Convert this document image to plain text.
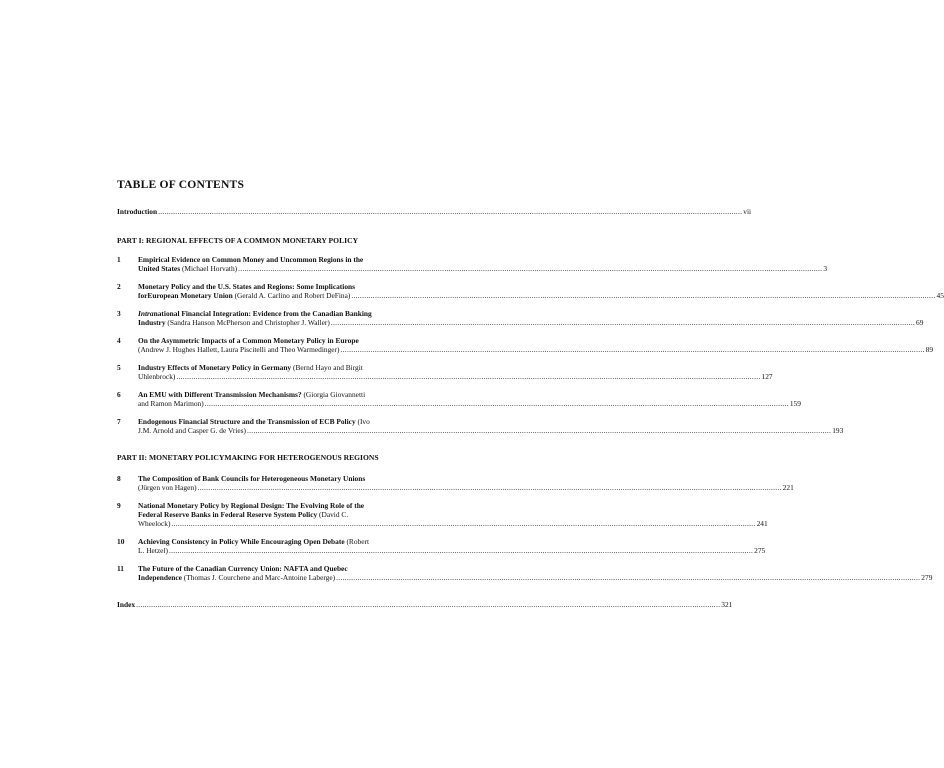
TABLE OF CONTENTS
Introduction .....	vii
PART I: REGIONAL EFFECTS OF A COMMON MONETARY POLICY
1	Empirical Evidence on Common Money and Uncommon Regions in the
United States (Michael Horvath) .....	3
2	Monetary Policy and the U.S. States and Regions: Some Implications
forEuropean Monetary Union (Gerald A. Carlino and Robert DeFina) .....	45
3	Intranational Financial Integration: Evidence from the Canadian Banking
Industry (Sandra Hanson McPherson and Christopher J. Waller) .....	69
4	On the Asymmetric Impacts of a Common Monetary Policy in Europe
(Andrew J. Hughes Hallett, Laura Piscitelli and Theo Warmedinger) .....	89
5	Industry Effects of Monetary Policy in Germany (Bernd Hayo and Birgit
Uhlenbrock) .....	127
6	An EMU with Different Transmission Mechanisms? (Giorgia Giovannetti
and Ramon Marimon) .....	159
7	Endogenous Financial Structure and the Transmission of ECB Policy (Ivo
J.M. Arnold and Casper G. de Vries) .....	193
PART II: MONETARY POLICYMAKING FOR HETEROGENOUS REGIONS
8	The Composition of Bank Councils for Heterogeneous Monetary Unions
(Jürgen von Hagen) .....	221
9	National Monetary Policy by Regional Design: The Evolving Role of the
Federal Reserve Banks in Federal Reserve System Policy (David C.
Wheelock) .....	241
10	Achieving Consistency in Policy While Encouraging Open Debate (Robert
L. Hetzel) .....	275
11	The Future of the Canadian Currency Union: NAFTA and Quebec
Independence (Thomas J. Courchene and Marc-Antoine Laberge) .....	279
Index .....	321
